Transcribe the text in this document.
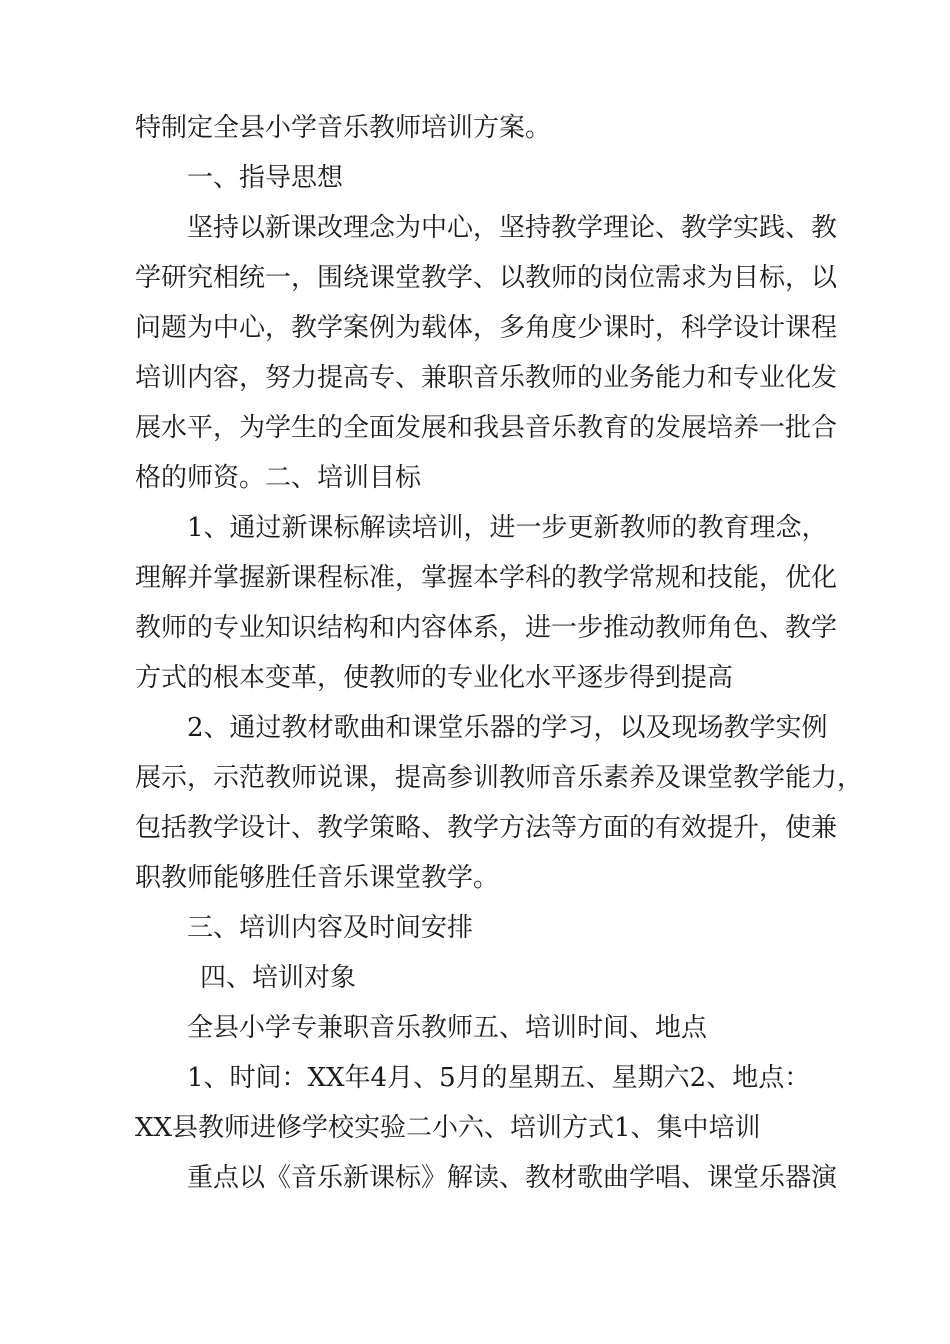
特制定全县小学音乐教师培训方案。
一、指导思想
坚持以新课改理念为中心，坚持教学理论、教学实践、教
学研究相统一，围绕课堂教学、以教师的岗位需求为目标，以
问题为中心，教学案例为载体，多角度少课时，科学设计课程
培训内容，努力提高专、兼职音乐教师的业务能力和专业化发
展水平，为学生的全面发展和我县音乐教育的发展培养一批合
格的师资。二、培训目标
1、通过新课标解读培训，进一步更新教师的教育理念，
理解并掌握新课程标准，掌握本学科的教学常规和技能，优化
教师的专业知识结构和内容体系，进一步推动教师角色、教学
方式的根本变革，使教师的专业化水平逐步得到提高
2、通过教材歌曲和课堂乐器的学习，以及现场教学实例
展示，示范教师说课，提高参训教师音乐素养及课堂教学能力，
包括教学设计、教学策略、教学方法等方面的有效提升，使兼
职教师能够胜任音乐课堂教学。
三、培训内容及时间安排
四、培训对象
全县小学专兼职音乐教师五、培训时间、地点
1、时间：XX年4月、5月的星期五、星期六2、地点：
XX县教师进修学校实验二小六、培训方式1、集中培训
重点以《音乐新课标》解读、教材歌曲学唱、课堂乐器演
